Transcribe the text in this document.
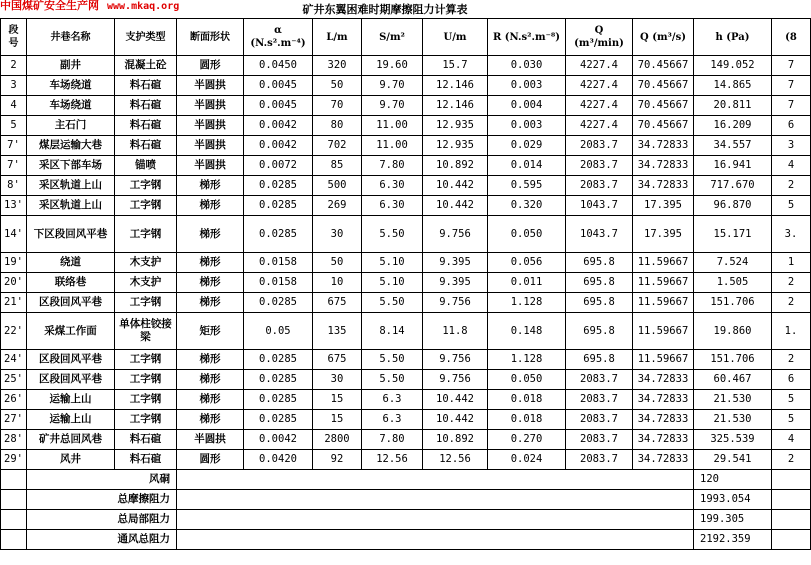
中国煤矿安全生产网 www.mkaq.org	矿井东翼困难时期摩擦阻力计算表
段号	井巷名称	支护类型	断面形状	α (N.s².m⁻⁴)	L/m	S/m²	U/m	R (N.s².m⁻⁸)	Q (m³/min)	Q (m³/s)	h (Pa)	(8
2	副井	混凝土砼	圆形	0.0450	320	19.60	15.7	0.030	4227.4	70.45667	149.052	7
3	车场绕道	料石碹	半圆拱	0.0045	50	9.70	12.146	0.003	4227.4	70.45667	14.865	7
4	车场绕道	料石碹	半圆拱	0.0045	70	9.70	12.146	0.004	4227.4	70.45667	20.811	7
5	主石门	料石碹	半圆拱	0.0042	80	11.00	12.935	0.003	4227.4	70.45667	16.209	6
7'	煤层运输大巷	料石碹	半圆拱	0.0042	702	11.00	12.935	0.029	2083.7	34.72833	34.557	3
7'	采区下部车场	锚喷	半圆拱	0.0072	85	7.80	10.892	0.014	2083.7	34.72833	16.941	4
8'	采区轨道上山	工字钢	梯形	0.0285	500	6.30	10.442	0.595	2083.7	34.72833	717.670	2
13'	采区轨道上山	工字钢	梯形	0.0285	269	6.30	10.442	0.320	1043.7	17.395	96.870	5
14'	下区段回风平巷	工字钢	梯形	0.0285	30	5.50	9.756	0.050	1043.7	17.395	15.171	3.
19'	绕道	木支护	梯形	0.0158	50	5.10	9.395	0.056	695.8	11.59667	7.524	1
20'	联络巷	木支护	梯形	0.0158	10	5.10	9.395	0.011	695.8	11.59667	1.505	2
21'	区段回风平巷	工字钢	梯形	0.0285	675	5.50	9.756	1.128	695.8	11.59667	151.706	2
22'	采煤工作面	单体柱铰接梁	矩形	0.05	135	8.14	11.8	0.148	695.8	11.59667	19.860	1.
24'	区段回风平巷	工字钢	梯形	0.0285	675	5.50	9.756	1.128	695.8	11.59667	151.706	2
25'	区段回风平巷	工字钢	梯形	0.0285	30	5.50	9.756	0.050	2083.7	34.72833	60.467	6
26'	运输上山	工字钢	梯形	0.0285	15	6.3	10.442	0.018	2083.7	34.72833	21.530	5
27'	运输上山	工字钢	梯形	0.0285	15	6.3	10.442	0.018	2083.7	34.72833	21.530	5
28'	矿井总回风巷	料石碹	半圆拱	0.0042	2800	7.80	10.892	0.270	2083.7	34.72833	325.539	4
29'	风井	料石碹	圆形	0.0420	92	12.56	12.56	0.024	2083.7	34.72833	29.541	2
	风硐										120	
	总摩擦阻力										1993.054	
	总局部阻力										199.305	
	通风总阻力										2192.359	
